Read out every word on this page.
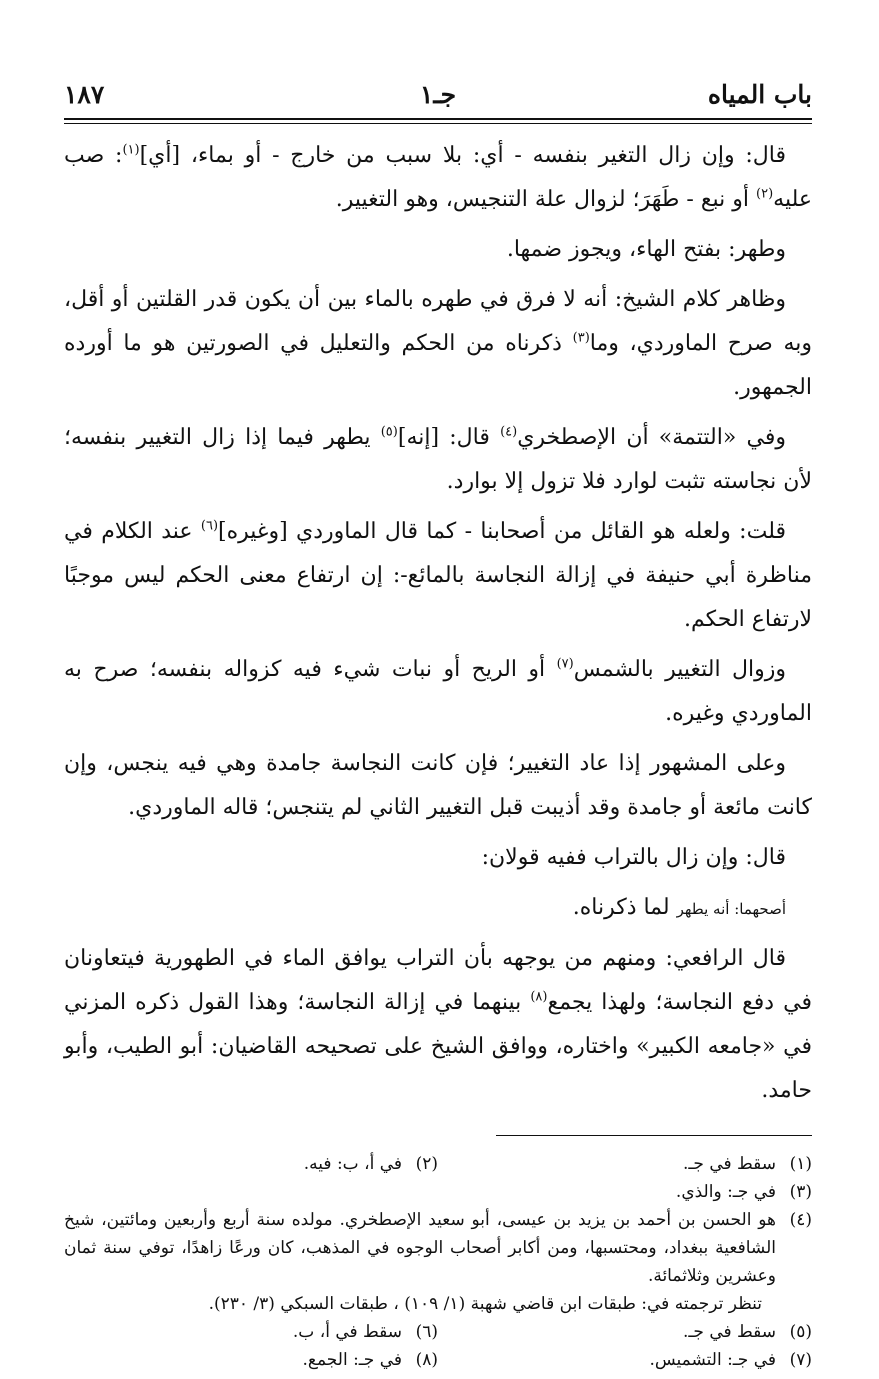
باب المياه
جـ١
١٨٧

قال: وإن زال التغير بنفسه - أي: بلا سبب من خارج - أو بماء، [أي]$^{(١)}$: صب عليه$^{(٢)}$ أو نبع - طَهَرَ؛ لزوال علة التنجيس، وهو التغيير.

وطهر: بفتح الهاء، ويجوز ضمها.

وظاهر كلام الشيخ: أنه لا فرق في طهره بالماء بين أن يكون قدر القلتين أو أقل، وبه صرح الماوردي، وما$^{(٣)}$ ذكرناه من الحكم والتعليل في الصورتين هو ما أورده الجمهور.

وفي «التتمة» أن الإصطخري$^{(٤)}$ قال: [إنه]$^{(٥)}$ يطهر فيما إذا زال التغيير بنفسه؛ لأن نجاسته تثبت لوارد فلا تزول إلا بوارد.

قلت: ولعله هو القائل من أصحابنا - كما قال الماوردي [وغيره]$^{(٦)}$ عند الكلام في مناظرة أبي حنيفة في إزالة النجاسة بالمائع-: إن ارتفاع معنى الحكم ليس موجبًا لارتفاع الحكم.

وزوال التغيير بالشمس$^{(٧)}$ أو الريح أو نبات شيء فيه كزواله بنفسه؛ صرح به الماوردي وغيره.

وعلى المشهور إذا عاد التغيير؛ فإن كانت النجاسة جامدة وهي فيه ينجس، وإن كانت مائعة أو جامدة وقد أذيبت قبل التغيير الثاني لم يتنجس؛ قاله الماوردي.

قال: وإن زال بالتراب ففيه قولان:

أصحهما: أنه يطهر لما ذكرناه.

قال الرافعي: ومنهم من يوجهه بأن التراب يوافق الماء في الطهورية فيتعاونان في دفع النجاسة؛ ولهذا يجمع$^{(٨)}$ بينهما في إزالة النجاسة؛ وهذا القول ذكره المزني في «جامعه الكبير» واختاره، ووافق الشيخ على تصحيحه القاضيان: أبو الطيب، وأبو حامد.

(١)
سقط في جـ.
(٢)
في أ، ب: فيه.
(٣)
في جـ: والذي.
(٤)
هو الحسن بن أحمد بن يزيد بن عيسى، أبو سعيد الإصطخري. مولده سنة أربع وأربعين ومائتين، شيخ الشافعية ببغداد، ومحتسبها، ومن أكابر أصحاب الوجوه في المذهب، كان ورعًا زاهدًا، توفي سنة ثمان وعشرين وثلاثمائة.
تنظر ترجمته في: طبقات ابن قاضي شهبة (١/ ١٠٩) ، طبقات السبكي (٣/ ٢٣٠).
(٥)
سقط في جـ.
(٦)
سقط في أ، ب.
(٧)
في جـ: التشميس.
(٨)
في جـ: الجمع.
